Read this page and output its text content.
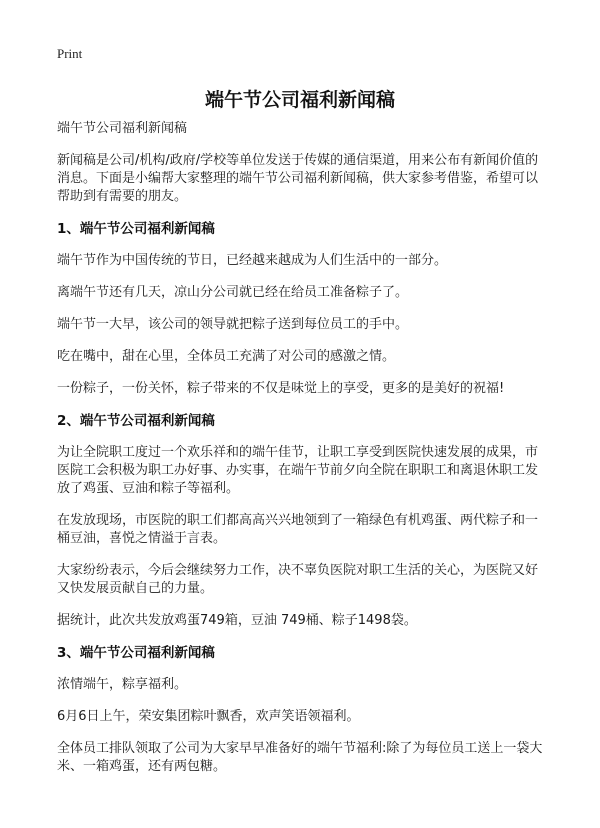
Print
端午节公司福利新闻稿

端午节公司福利新闻稿

新闻稿是公司/机构/政府/学校等单位发送于传媒的通信渠道，用来公布有新闻价值的消息。下面是小编帮大家整理的端午节公司福利新闻稿，供大家参考借鉴，希望可以帮助到有需要的朋友。

1、端午节公司福利新闻稿

端午节作为中国传统的节日，已经越来越成为人们生活中的一部分。

离端午节还有几天，凉山分公司就已经在给员工准备粽子了。

端午节一大早，该公司的领导就把粽子送到每位员工的手中。

吃在嘴中，甜在心里，全体员工充满了对公司的感激之情。

一份粽子，一份关怀，粽子带来的不仅是味觉上的享受，更多的是美好的祝福!

2、端午节公司福利新闻稿

为让全院职工度过一个欢乐祥和的端午佳节，让职工享受到医院快速发展的成果，市医院工会积极为职工办好事、办实事，在端午节前夕向全院在职职工和离退休职工发放了鸡蛋、豆油和粽子等福利。

在发放现场，市医院的职工们都高高兴兴地领到了一箱绿色有机鸡蛋、两代粽子和一桶豆油，喜悦之情溢于言表。

大家纷纷表示，今后会继续努力工作，决不辜负医院对职工生活的关心，为医院又好又快发展贡献自己的力量。

据统计，此次共发放鸡蛋749箱，豆油 749桶、粽子1498袋。

3、端午节公司福利新闻稿

浓情端午，粽享福利。

6月6日上午，荣安集团粽叶飘香，欢声笑语领福利。

全体员工排队领取了公司为大家早早准备好的端午节福利:除了为每位员工送上一袋大米、一箱鸡蛋，还有两包糖。
